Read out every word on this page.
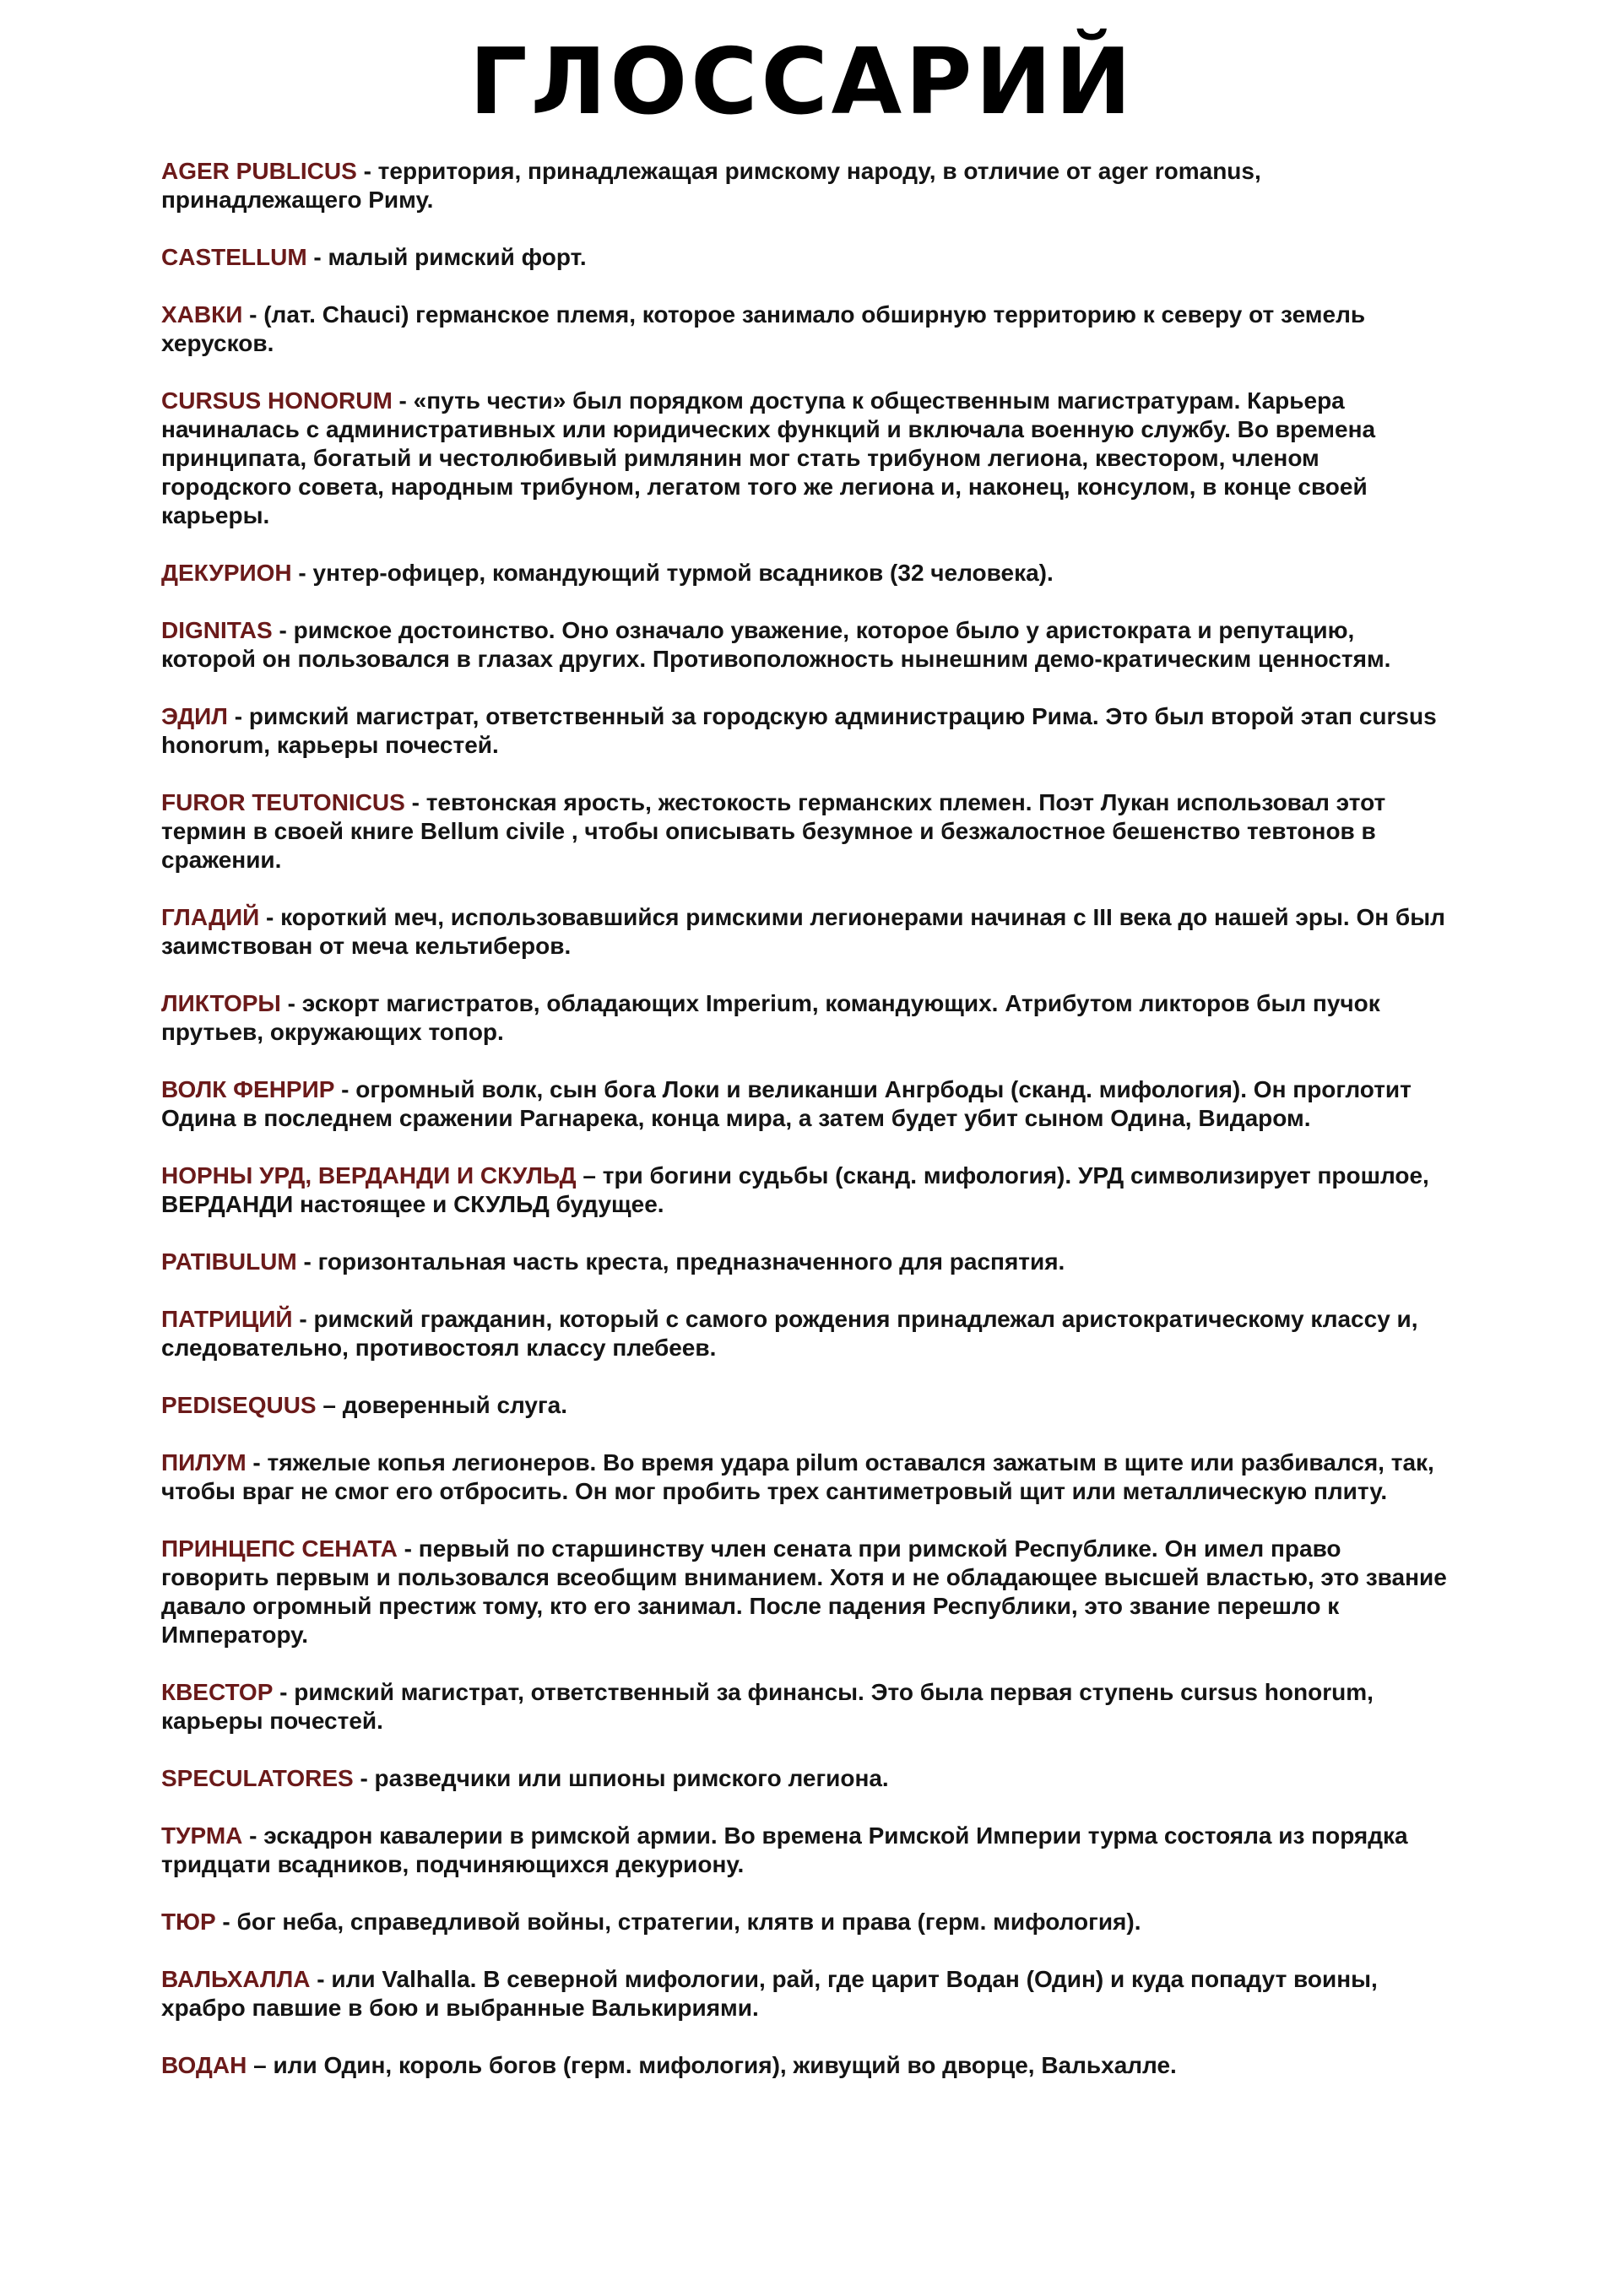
ГЛОССАРИЙ

AGER PUBLICUS - территория, принадлежащая римскому народу, в отличие от ager romanus, принадлежащего Риму.

CASTELLUM - малый римский форт.

ХАВКИ - (лат. Chauci) германское племя, которое занимало обширную территорию к северу от земель херусков.

CURSUS HONORUM - «путь чести» был порядком доступа к общественным магистратурам. Карьера начиналась с административных или юридических функций и включала военную службу. Во времена принципата, богатый и честолюбивый римлянин мог стать трибуном легиона, квестором, членом городского совета, народным трибуном, легатом того же легиона и, наконец, консулом, в конце своей карьеры.

ДЕКУРИОН - унтер-офицер, командующий турмой всадников (32 человека).

DIGNITAS - римское достоинство. Оно означало уважение, которое было у аристократа и репутацию, которой он пользовался в глазах других. Противоположность нынешним демо-кратическим ценностям.

ЭДИЛ - римский магистрат, ответственный за городскую администрацию Рима. Это был второй этап cursus honorum, карьеры почестей.

FUROR TEUTONICUS - тевтонская ярость, жестокость германских племен. Поэт Лукан использовал этот термин в своей книге Bellum civile , чтобы описывать безумное и безжалостное бешенство тевтонов в сражении.

ГЛАДИЙ - короткий меч, использовавшийся римскими легионерами начиная с III века до нашей эры. Он был заимствован от меча кельтиберов.

ЛИКТОРЫ - эскорт магистратов, обладающих Imperium, командующих. Атрибутом ликторов был пучок прутьев, окружающих топор.

ВОЛК ФЕНРИР - огромный волк, сын бога Локи и великанши Ангрбоды (сканд. мифология). Он проглотит Одина в последнем сражении Рагнарека, конца мира, а затем будет убит сыном Одина, Видаром.

НОРНЫ УРД, ВЕРДАНДИ И СКУЛЬД – три богини судьбы (сканд. мифология). УРД символизирует прошлое, ВЕРДАНДИ настоящее и СКУЛЬД будущее.

PATIBULUM - горизонтальная часть креста, предназначенного для распятия.

ПАТРИЦИЙ - римский гражданин, который с самого рождения принадлежал аристократическому классу и, следовательно, противостоял классу плебеев.

PEDISEQUUS – доверенный слуга.

ПИЛУМ - тяжелые копья легионеров. Во время удара pilum оставался зажатым в щите или разбивался, так, чтобы враг не смог его отбросить. Он мог пробить трех сантиметровый щит или металлическую плиту.

ПРИНЦЕПС СЕНАТА - первый по старшинству член сената при римской Республике. Он имел право говорить первым и пользовался всеобщим вниманием. Хотя и не обладающее высшей властью, это звание давало огромный престиж тому, кто его занимал. После падения Республики, это звание перешло к Императору.

КВЕСТОР - римский магистрат, ответственный за финансы. Это была первая ступень cursus honorum, карьеры почестей.

SPECULATORES - разведчики или шпионы римского легиона.

ТУРМА - эскадрон кавалерии в римской армии. Во времена Римской Империи турма состояла из порядка тридцати всадников, подчиняющихся декуриону.

ТЮР - бог неба, справедливой войны, стратегии, клятв и права (герм. мифология).

ВАЛЬХАЛЛА - или Valhalla. В северной мифологии, рай, где царит Водан (Один) и куда попадут воины, храбро павшие в бою и выбранные Валькириями.

ВОДАН – или Один, король богов (герм. мифология), живущий во дворце, Вальхалле.
